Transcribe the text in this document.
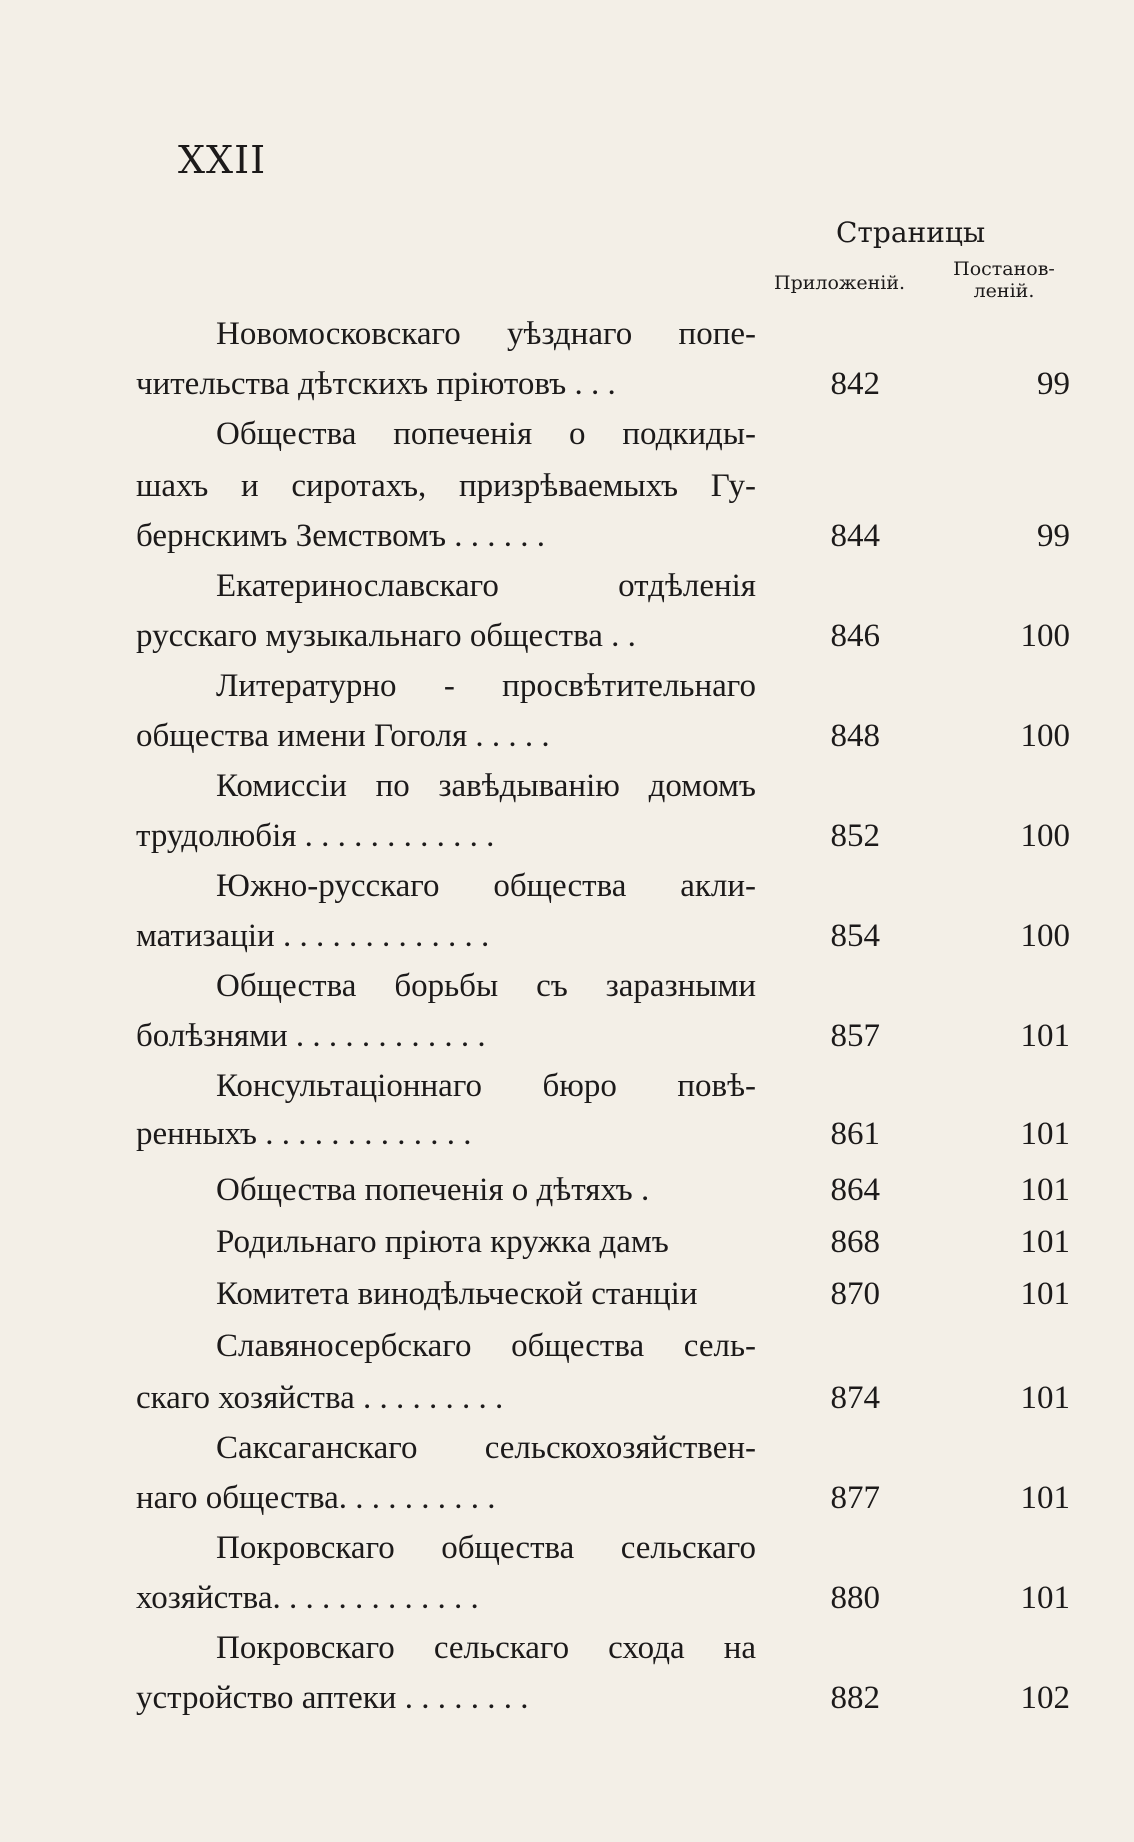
XXII
Страницы
Приложеній.
Постанов-
леній.
Новомосковскаго уѣзднаго попе-
чительства дѣтскихъ пріютовъ . . .	842	99
Общества попеченія о подкиды-
шахъ и сиротахъ, призрѣваемыхъ Гу-
бернскимъ Земствомъ . . . . . .	844	99
Екатеринославскаго отдѣленія
русскаго музыкальнаго общества . .	846	100
Литературно - просвѣтительнаго
общества имени Гоголя . . . . .	848	100
Комиссіи по завѣдыванію домомъ
трудолюбія . . . . . . . . . . . .	852	100
Южно-русскаго общества акли-
матизаціи . . . . . . . . . . . . .	854	100
Общества борьбы съ заразными
болѣзнями . . . . . . . . . . . .	857	101
Консультаціоннаго бюро повѣ-
ренныхъ . . . . . . . . . . . . .	861	101
Общества попеченія о дѣтяхъ .	864	101
Родильнаго пріюта кружка дамъ	868	101
Комитета винодѣльческой станціи	870	101
Славяносербскаго общества сель-
скаго хозяйства . . . . . . . . .	874	101
Саксаганскаго сельскохозяйствен-
наго общества. . . . . . . . . .	877	101
Покровскаго общества сельскаго
хозяйства. . . . . . . . . . . . .	880	101
Покровскаго сельскаго схода на
устройство аптеки . . . . . . . .	882	102
